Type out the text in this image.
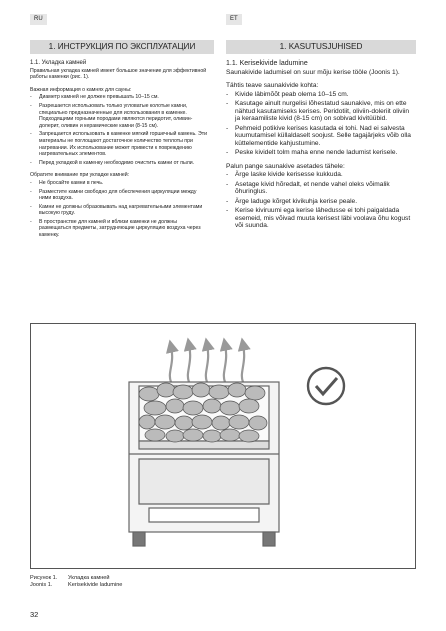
RU	ET
1. ИНСТРУКЦИЯ ПО ЭКСПЛУАТАЦИИ	1. KASUTUSJUHISED
1.1. Укладка камней

Правильная укладка камней имеет большое значение для эффективной работы каменки (рис. 1).

Важная информация о камнях для сауны:

- Диаметр камней не должен превышать 10–15 см.
- Разрешается использовать только угловатые колотые камни, специально предназначенные для использования в каменке. Подходящими горными породами являются перидотит, оливин-долерит, оливин и керамические камни (8-15 см).
- Запрещается использовать в каменке мягкий горшечный камень. Эти материалы не поглощают достаточное количество теплоты при нагревании. Их использование может привести к повреждению нагревательных элементов.
- Перед укладкой в каменку необходимо очистить камни от пыли.

Обратите внимание при укладке камней:

- Не бросайте камни в печь.
- Разместите камни свободно для обеспечения циркуляции между ними воздуха.
- Камни не должны образовывать над нагревательными элементами высокую груду.
- В пространстве для камней и вблизи каменки не должны размещаться предметы, затрудняющие циркуляцию воздуха через каменку.
1.1. Kerisekivide ladumine

Saunakivide ladumisel on suur mõju kerise tööle (Joonis 1).

Tähtis teave saunakivide kohta:

- Kivide läbimõõt peab olema 10–15 cm.
- Kasutage ainult nurgelisi lõhestatud saunakive, mis on ette nähtud kasutamiseks kerises. Peridotiit, oliviin-doleriit oliviin ja keraamiliste kivid (8-15 cm) on sobivad kivitüübid.
- Pehmeid potikive kerises kasutada ei tohi. Nad ei salvesta kuumutamisel küllaldaselt soojust. Selle tagajärjeks võib olla küttelementide kahjustumine.
- Peske kividelt tolm maha enne nende ladumist kerisele.

Palun pange saunakive asetades tähele:

- Ärge laske kivide kerisesse kukkuda.
- Asetage kivid hõredalt, et nende vahel oleks võimalik õhuringlus.
- Ärge laduge kõrget kivikuhja kerise peale.
- Kerise kiviruumi ega kerise lähedusse ei tohi paigaldada esemeid, mis võivad muuta kerisest läbi voolava õhu kogust või suunda.
Рисунок 1. Укладка камней
Joonis 1.	Kerisekivide ladumine
32
